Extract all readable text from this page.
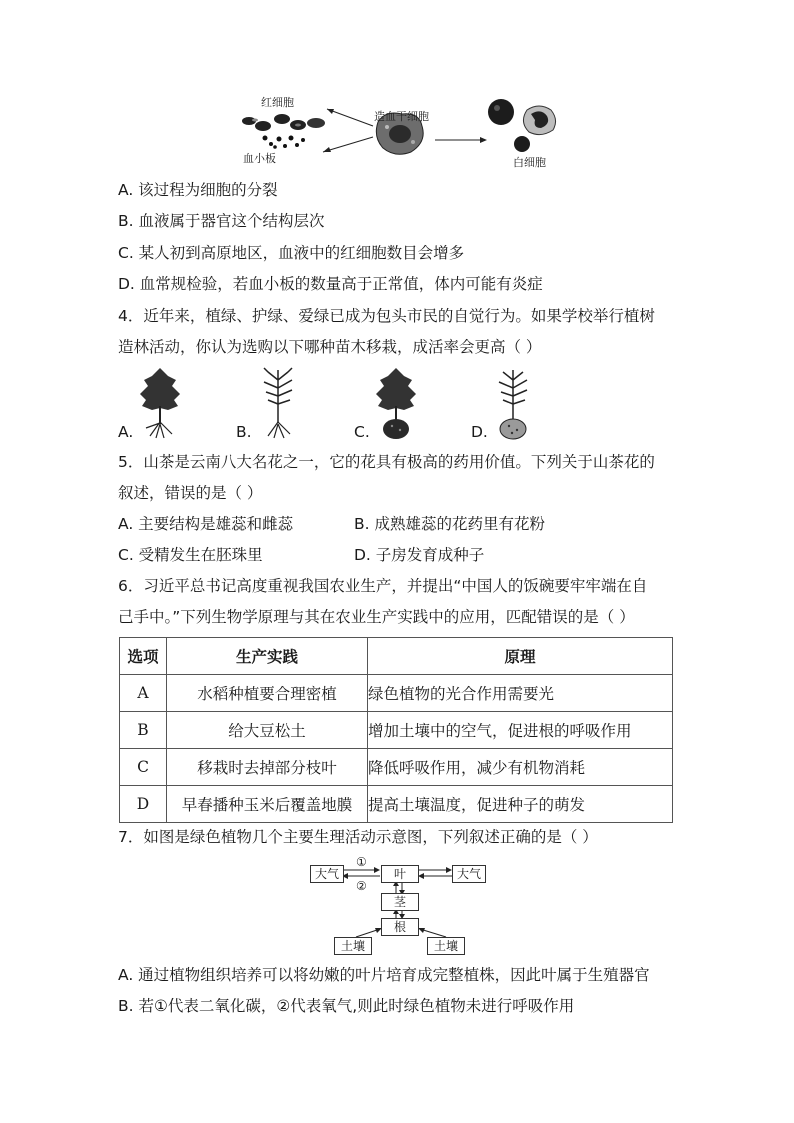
红细胞
血小板
造血干细胞
白细胞
A. 该过程为细胞的分裂
B. 血液属于器官这个结构层次
C. 某人初到高原地区，血液中的红细胞数目会增多
D. 血常规检验，若血小板的数量高于正常值，体内可能有炎症
4．近年来，植绿、护绿、爱绿已成为包头市民的自觉行为。如果学校举行植树
造林活动，你认为选购以下哪种苗木移栽，成活率会更高（ ）
A.	B.	C.	D.
5．山茶是云南八大名花之一，它的花具有极高的药用价值。下列关于山茶花的
叙述，错误的是（ ）
A. 主要结构是雄蕊和雌蕊	B. 成熟雄蕊的花药里有花粉
C. 受精发生在胚珠里	D. 子房发育成种子
6．习近平总书记高度重视我国农业生产，并提出“中国人的饭碗要牢牢端在自
己手中。”下列生物学原理与其在农业生产实践中的应用，匹配错误的是（ ）
选项	生产实践	原理
A	水稻种植要合理密植	绿色植物的光合作用需要光
B	给大豆松土	增加土壤中的空气，促进根的呼吸作用
C	移栽时去掉部分枝叶	降低呼吸作用，减少有机物消耗
D	早春播种玉米后覆盖地膜	提高土壤温度，促进种子的萌发
7．如图是绿色植物几个主要生理活动示意图，下列叙述正确的是（ ）
大气	叶	大气
茎
根
土壤	土壤
①
②
A. 通过植物组织培养可以将幼嫩的叶片培育成完整植株，因此叶属于生殖器官
B. 若①代表二氧化碳，②代表氧气,则此时绿色植物未进行呼吸作用
